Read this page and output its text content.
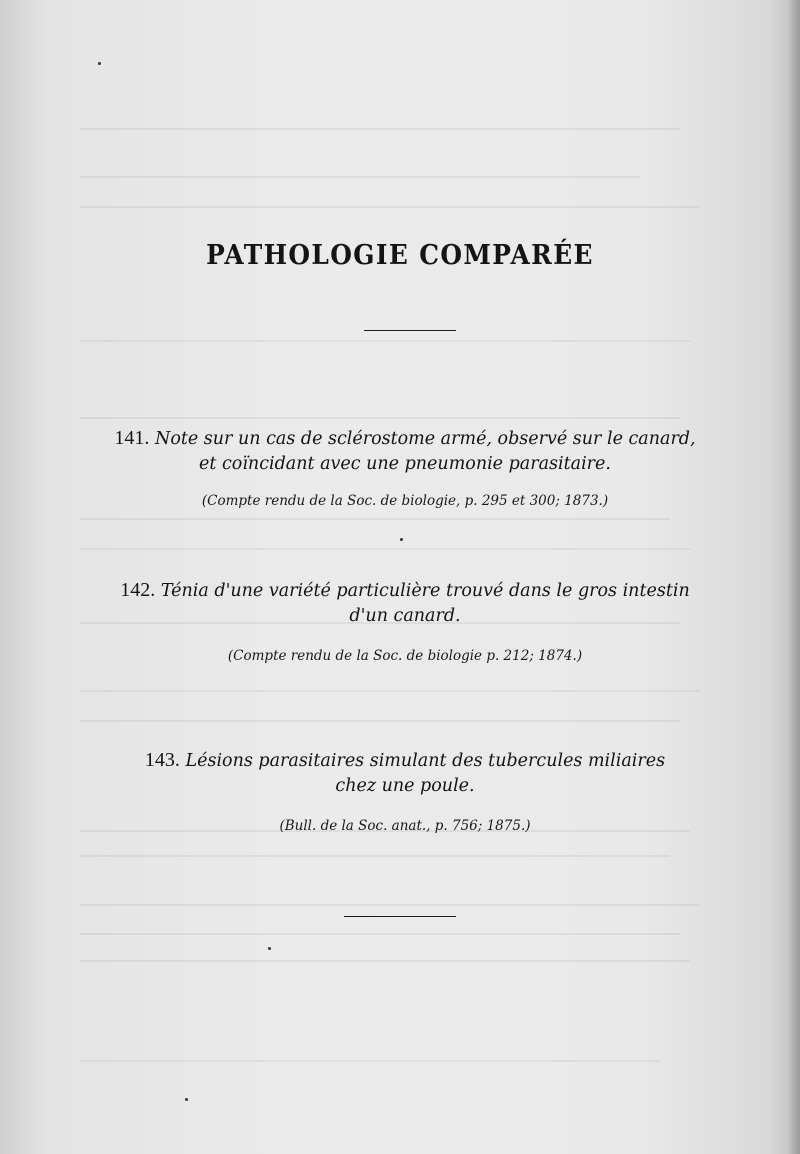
PATHOLOGIE COMPARÉE
141. Note sur un cas de sclérostome armé, observé sur le canard,
et coïncidant avec une pneumonie parasitaire.
(Compte rendu de la Soc. de biologie, p. 295 et 300; 1873.)
142. Ténia d'une variété particulière trouvé dans le gros intestin
d'un canard.
(Compte rendu de la Soc. de biologie p. 212; 1874.)
143. Lésions parasitaires simulant des tubercules miliaires
chez une poule.
(Bull. de la Soc. anat., p. 756; 1875.)
